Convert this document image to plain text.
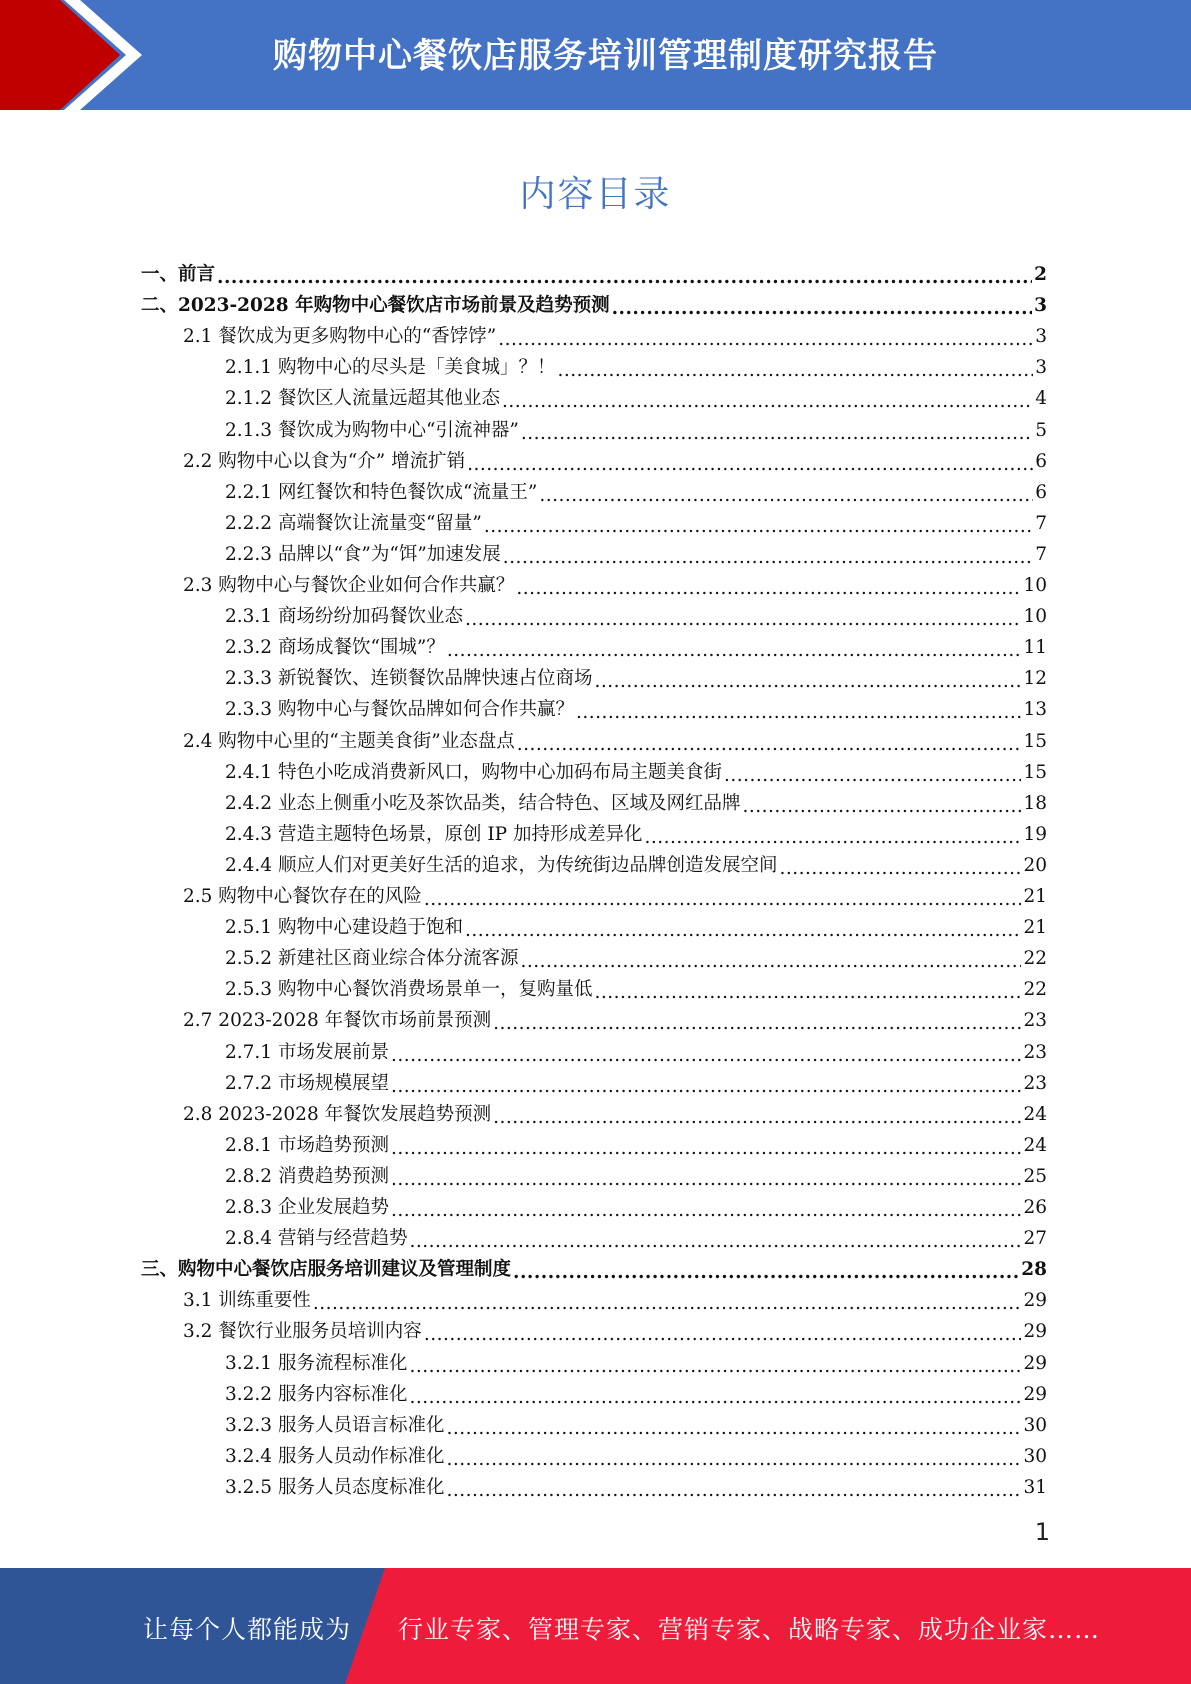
购物中心餐饮店服务培训管理制度研究报告
内容目录
一、前言 .....	2
二、2023-2028 年购物中心餐饮店市场前景及趋势预测 .....	3
2.1 餐饮成为更多购物中心的“香饽饽” .....	3
2.1.1 购物中心的尽头是「美食城」？！ .....	3
2.1.2 餐饮区人流量远超其他业态 .....	4
2.1.3 餐饮成为购物中心“引流神器” .....	5
2.2 购物中心以食为“介” 增流扩销 .....	6
2.2.1 网红餐饮和特色餐饮成“流量王” .....	6
2.2.2 高端餐饮让流量变“留量” .....	7
2.2.3 品牌以“食”为“饵”加速发展 .....	7
2.3 购物中心与餐饮企业如何合作共赢？ .....	10
2.3.1 商场纷纷加码餐饮业态 .....	10
2.3.2 商场成餐饮“围城”？ .....	11
2.3.3 新锐餐饮、连锁餐饮品牌快速占位商场 .....	12
2.3.3 购物中心与餐饮品牌如何合作共赢？ .....	13
2.4 购物中心里的“主题美食街”业态盘点 .....	15
2.4.1 特色小吃成消费新风口，购物中心加码布局主题美食街 .....	15
2.4.2 业态上侧重小吃及茶饮品类，结合特色、区域及网红品牌 .....	18
2.4.3 营造主题特色场景，原创 IP 加持形成差异化 .....	19
2.4.4 顺应人们对更美好生活的追求，为传统街边品牌创造发展空间 .....	20
2.5 购物中心餐饮存在的风险 .....	21
2.5.1 购物中心建设趋于饱和 .....	21
2.5.2 新建社区商业综合体分流客源 .....	22
2.5.3 购物中心餐饮消费场景单一，复购量低 .....	22
2.7 2023-2028 年餐饮市场前景预测 .....	23
2.7.1 市场发展前景 .....	23
2.7.2 市场规模展望 .....	23
2.8 2023-2028 年餐饮发展趋势预测 .....	24
2.8.1 市场趋势预测 .....	24
2.8.2 消费趋势预测 .....	25
2.8.3 企业发展趋势 .....	26
2.8.4 营销与经营趋势 .....	27
三、购物中心餐饮店服务培训建议及管理制度 .....	28
3.1 训练重要性 .....	29
3.2 餐饮行业服务员培训内容 .....	29
3.2.1 服务流程标准化 .....	29
3.2.2 服务内容标准化 .....	29
3.2.3 服务人员语言标准化 .....	30
3.2.4 服务人员动作标准化 .....	30
3.2.5 服务人员态度标准化 .....	31
1
让每个人都能成为 行业专家、管理专家、营销专家、战略专家、成功企业家……
